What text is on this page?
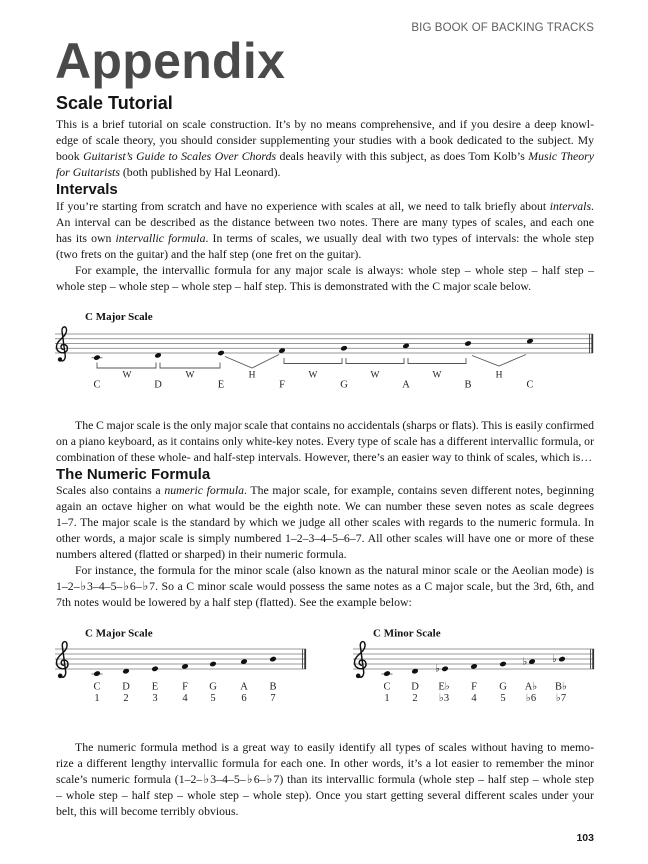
BIG BOOK OF BACKING TRACKS
Appendix
Scale Tutorial
This is a brief tutorial on scale construction. It’s by no means comprehensive, and if you desire a deep knowl-
edge of scale theory, you should consider supplementing your studies with a book dedicated to the subject. My
book Guitarist’s Guide to Scales Over Chords deals heavily with this subject, as does Tom Kolb’s Music Theory
for Guitarists (both published by Hal Leonard).
Intervals
If you’re starting from scratch and have no experience with scales at all, we need to talk briefly about intervals.
An interval can be described as the distance between two notes. There are many types of scales, and each one
has its own intervallic formula. In terms of scales, we usually deal with two types of intervals: the whole step
(two frets on the guitar) and the half step (one fret on the guitar).
For example, the intervallic formula for any major scale is always: whole step – whole step – half step –
whole step – whole step – whole step – half step. This is demonstrated with the C major scale below.
C Major Scale
W	W	H	W	W	W	H
C	D	E	F	G	A	B	C
The C major scale is the only major scale that contains no accidentals (sharps or flats). This is easily confirmed
on a piano keyboard, as it contains only white-key notes. Every type of scale has a different intervallic formula, or
combination of these whole- and half-step intervals. However, there’s an easier way to think of scales, which is…
The Numeric Formula
Scales also contains a numeric formula. The major scale, for example, contains seven different notes, beginning
again an octave higher on what would be the eighth note. We can number these seven notes as scale degrees
1–7. The major scale is the standard by which we judge all other scales with regards to the numeric formula. In
other words, a major scale is simply numbered 1–2–3–4–5–6–7. All other scales will have one or more of these
numbers altered (flatted or sharped) in their numeric formula.
For instance, the formula for the minor scale (also known as the natural minor scale or the Aeolian mode) is
1–2–♭3–4–5–♭6–♭7. So a C minor scale would possess the same notes as a C major scale, but the 3rd, 6th, and
7th notes would be lowered by a half step (flatted). See the example below:
C Major Scale
C D E F G A B
1 2 3 4 5 6 7
C Minor Scale
♭
♭ ♭
C D E♭ F G A♭ B♭
1 2 ♭3 4 5 ♭6 ♭7
The numeric formula method is a great way to easily identify all types of scales without having to memo-
rize a different lengthy intervallic formula for each one. In other words, it’s a lot easier to remember the minor
scale’s numeric formula (1–2–♭3–4–5–♭6–♭7) than its intervallic formula (whole step – half step – whole step
– whole step – half step – whole step – whole step). Once you start getting several different scales under your
belt, this will become terribly obvious.
103
